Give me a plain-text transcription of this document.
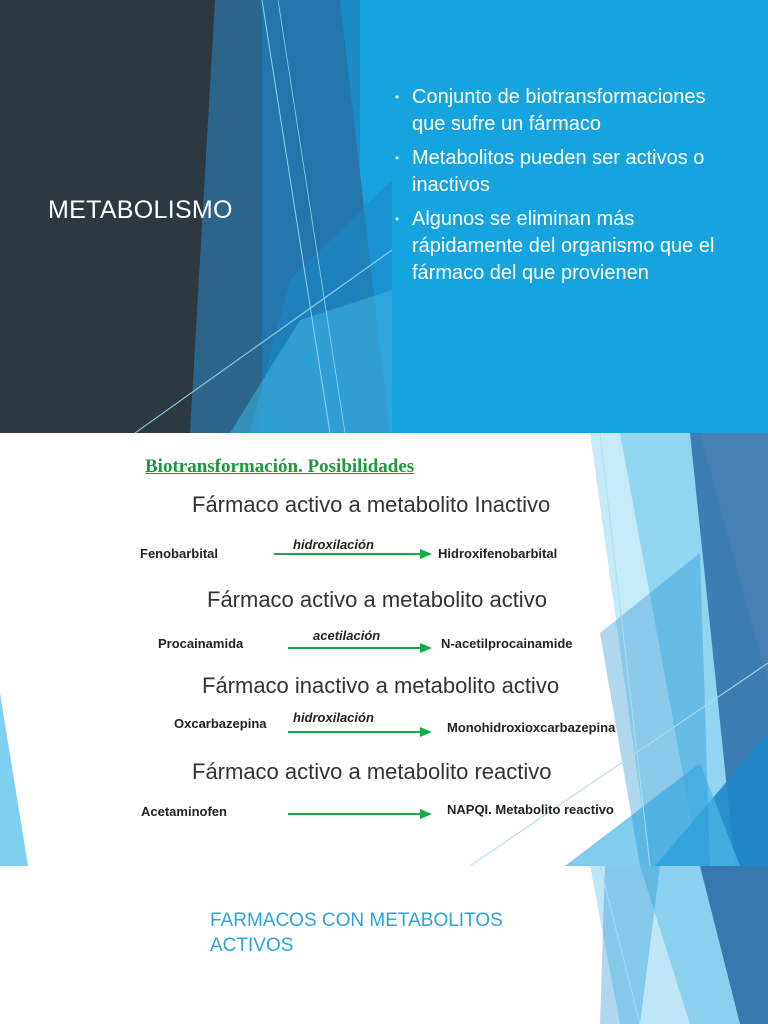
METABOLISMO
• Conjunto de biotransformaciones que sufre un fármaco
• Metabolitos pueden ser activos o inactivos
• Algunos se eliminan más rápidamente del organismo que el fármaco del que provienen
Biotransformación. Posibilidades
Fármaco activo a metabolito Inactivo
Fenobarbital
hidroxilación
Hidroxifenobarbital
Fármaco activo a metabolito activo
Procainamida
acetilación
N-acetilprocainamide
Fármaco inactivo a metabolito activo
Oxcarbazepina hidroxilación
Monohidroxioxcarbazepina
Fármaco activo a metabolito reactivo
Acetaminofen	NAPQI. Metabolito reactivo
FARMACOS CON METABOLITOS ACTIVOS
